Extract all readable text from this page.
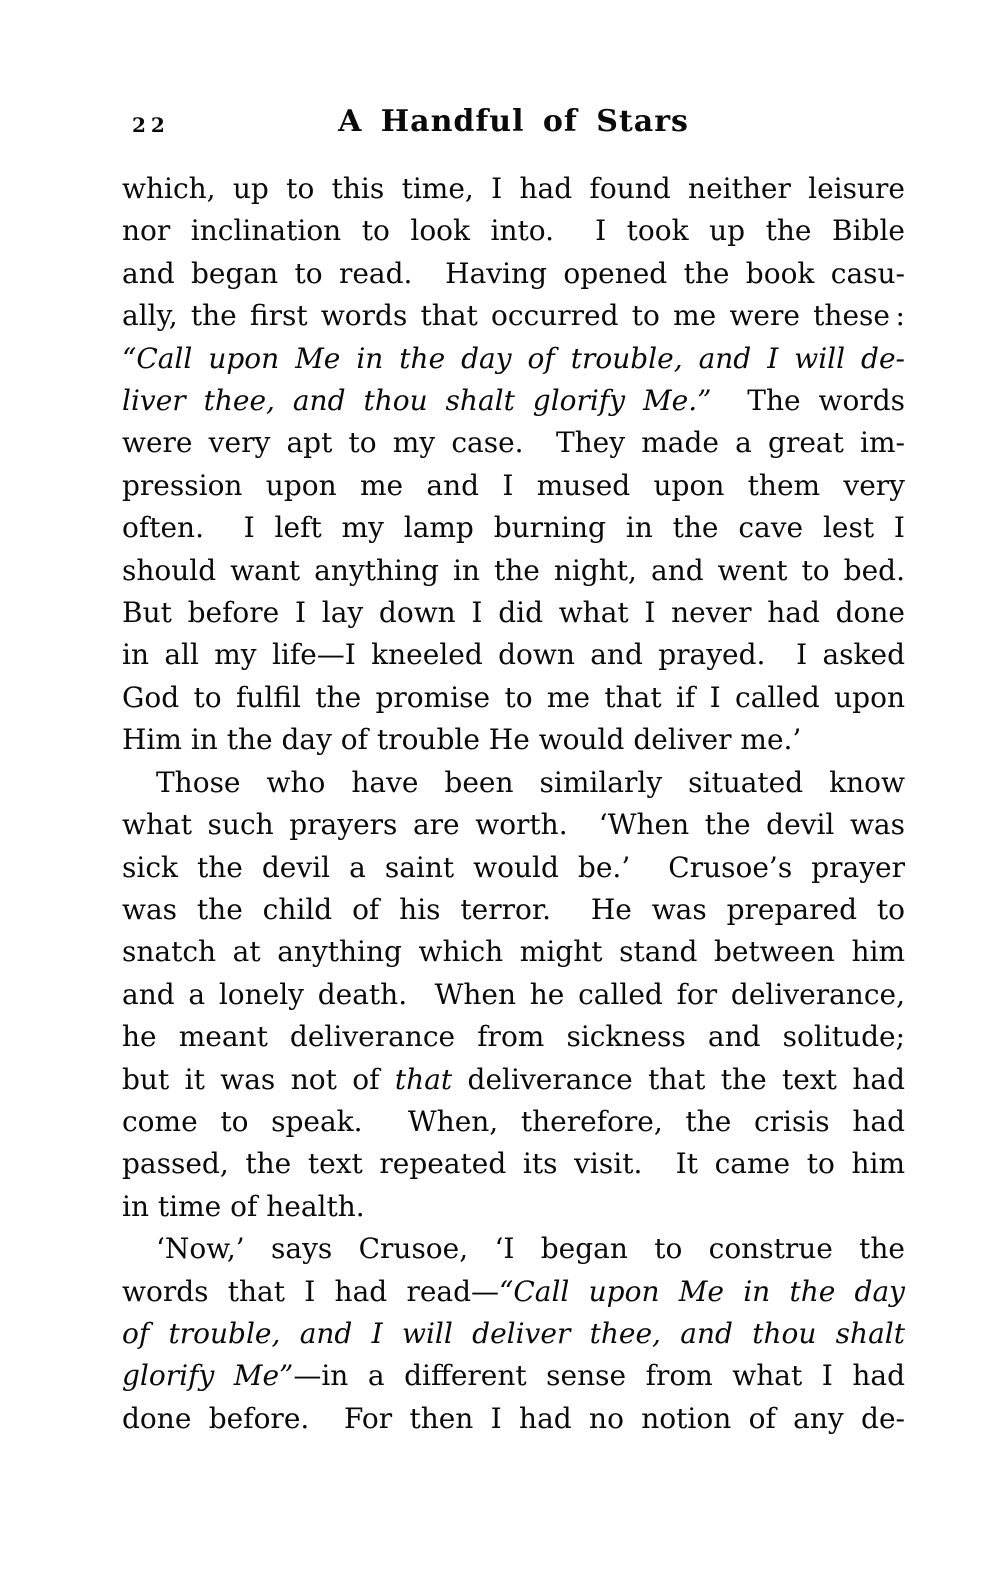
22	A Handful of Stars
which, up to this time, I had found neither leisure
nor inclination to look into.  I took up the Bible
and began to read.  Having opened the book casu-
ally, the first words that occurred to me were these :
“Call upon Me in the day of trouble, and I will de-
liver thee, and thou shalt glorify Me.”  The words
were very apt to my case.  They made a great im-
pression upon me and I mused upon them very
often.  I left my lamp burning in the cave lest I
should want anything in the night, and went to bed.
But before I lay down I did what I never had done
in all my life—I kneeled down and prayed.  I asked
God to fulfil the promise to me that if I called upon
Him in the day of trouble He would deliver me.’
Those who have been similarly situated know
what such prayers are worth.  ‘When the devil was
sick the devil a saint would be.’  Crusoe’s prayer
was the child of his terror.  He was prepared to
snatch at anything which might stand between him
and a lonely death.  When he called for deliverance,
he meant deliverance from sickness and solitude;
but it was not of that deliverance that the text had
come to speak.  When, therefore, the crisis had
passed, the text repeated its visit.  It came to him
in time of health.
‘Now,’ says Crusoe, ‘I began to construe the
words that I had read—“Call upon Me in the day
of trouble, and I will deliver thee, and thou shalt
glorify Me”—in a different sense from what I had
done before.  For then I had no notion of any de-
